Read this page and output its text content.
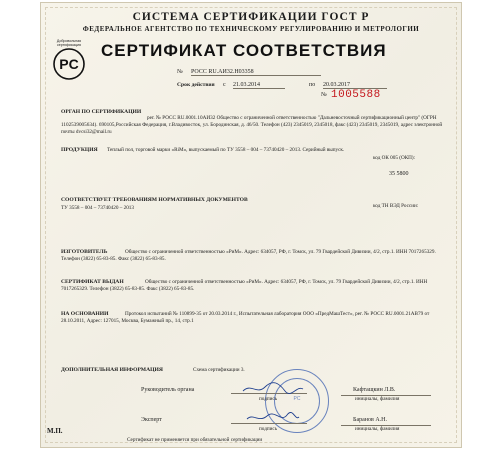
СИСТЕМА СЕРТИФИКАЦИИ ГОСТ Р
ФЕДЕРАЛЬНОЕ АГЕНТСТВО ПО ТЕХНИЧЕСКОМУ РЕГУЛИРОВАНИЮ И МЕТРОЛОГИИ
Добровольная сертификация
PC
СЕРТИФИКАТ СООТВЕТСТВИЯ
№ РОСС RU.АИ32.Н03358
Срок действия с 21.03.2014	по 20.03.2017
№ 1005588
ОРГАН ПО СЕРТИФИКАЦИИ
рег. № РОСС RU.0001.10АИ32 Общество с ограниченной ответственностью "Дальневосточный сертификационный центр" (ОГРН 1102539005634). 690105,Российская Федерация, г.Владивосток, ул. Бородинская, д. 46/50. Телефон (423) 2345019, 2345018, факс (423) 2345019, 2345019, адрес электронной почты dvcsi32@mail.ru
ПРОДУКЦИЯ	Теплый пол, торговой марки «RiM», выпускаемый по ТУ 3558 – 004 – 73740420 – 2013. Серийный выпуск.
код ОК 005 (ОКП):
35 5800
СООТВЕТСТВУЕТ ТРЕБОВАНИЯМ НОРМАТИВНЫХ ДОКУМЕНТОВ
ТУ 3558 – 004 – 73740420 – 2013	код ТН ВЭД России:
ИЗГОТОВИТЕЛЬ	Общество с ограниченной ответственностью «РиМ». Адрес: 634057, РФ, г. Томск, ул. 79 Гвардейской Дивизии, 4/2, стр.1. ИНН 7017265329. Телефон (3822) 65-83-85. Факс (3822) 65-83-85.
СЕРТИФИКАТ ВЫДАН	Общество с ограниченной ответственностью «РиМ». Адрес: 634057, РФ, г. Томск, ул. 79 Гвардейской Дивизии, 4/2, стр.1. ИНН 7017265329. Телефон (3822) 65-83-85. Факс (3822) 65-83-85.
НА ОСНОВАНИИ	Протокол испытаний № 110899-35 от 20.03.2014 г., Испытательная лаборатория ООО «ПредМашТест», рег. № РОСС RU.0001.21АВ79 от 28.10.2011, Адрес: 127015, Москва, Бумажный пр., 14, стр.1
ДОПОЛНИТЕЛЬНАЯ ИНФОРМАЦИЯ	Схема сертификации 3.
PC
Руководитель органа	Кафтащкин Л.В.
подпись	инициалы, фамилия
Эксперт	Баранов А.Н.
подпись	инициалы, фамилия
М.П.
Сертификат не применяется при обязательной сертификации
